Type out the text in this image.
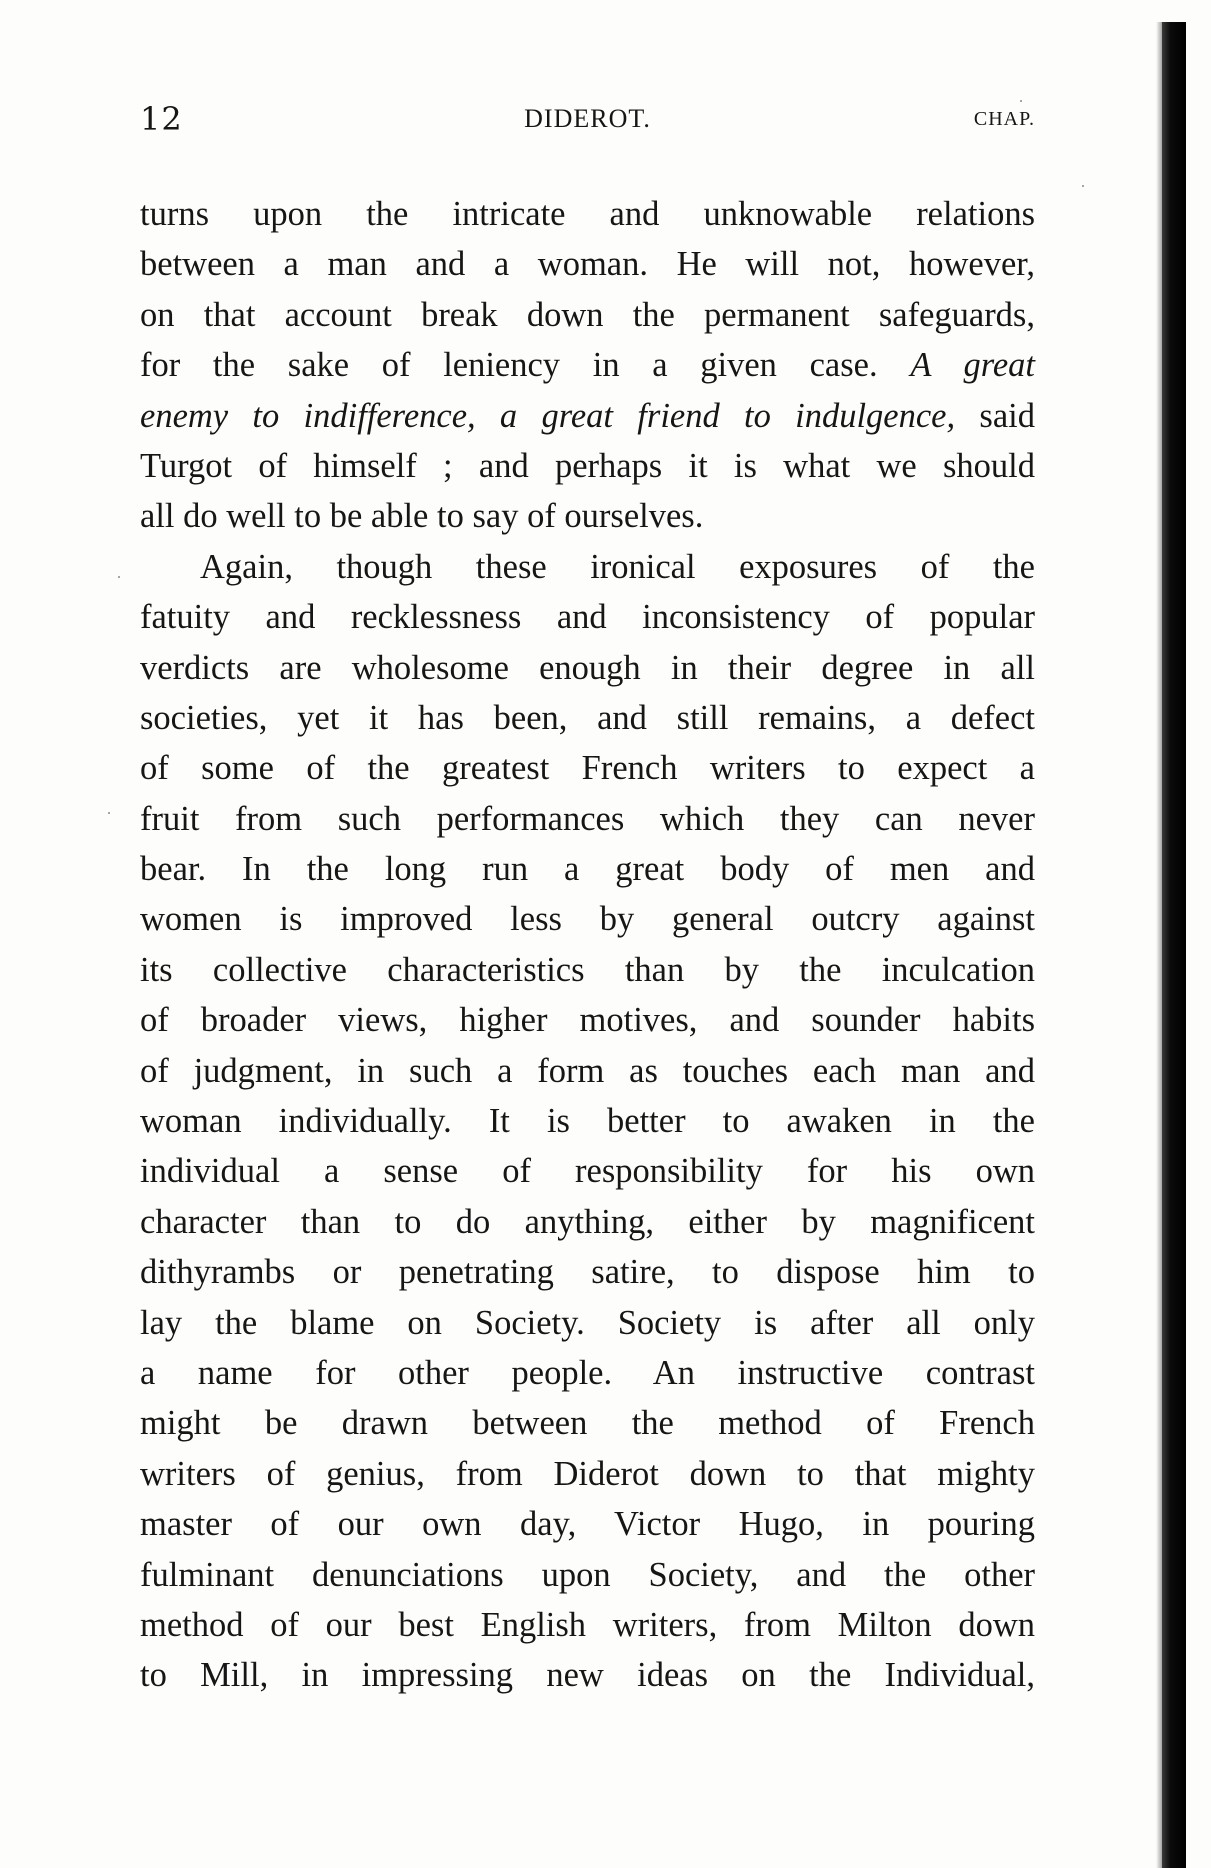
12	DIDEROT.	CHAP.
turns upon the intricate and unknowable relations
between a man and a woman. He will not, however,
on that account break down the permanent safeguards,
for the sake of leniency in a given case. A great
enemy to indifference, a great friend to indulgence, said
Turgot of himself ; and perhaps it is what we should
all do well to be able to say of ourselves.
Again, though these ironical exposures of the
fatuity and recklessness and inconsistency of popular
verdicts are wholesome enough in their degree in all
societies, yet it has been, and still remains, a defect
of some of the greatest French writers to expect a
fruit from such performances which they can never
bear. In the long run a great body of men and
women is improved less by general outcry against
its collective characteristics than by the inculcation
of broader views, higher motives, and sounder habits
of judgment, in such a form as touches each man and
woman individually. It is better to awaken in the
individual a sense of responsibility for his own
character than to do anything, either by magnificent
dithyrambs or penetrating satire, to dispose him to
lay the blame on Society. Society is after all only
a name for other people. An instructive contrast
might be drawn between the method of French
writers of genius, from Diderot down to that mighty
master of our own day, Victor Hugo, in pouring
fulminant denunciations upon Society, and the other
method of our best English writers, from Milton down
to Mill, in impressing new ideas on the Individual,
